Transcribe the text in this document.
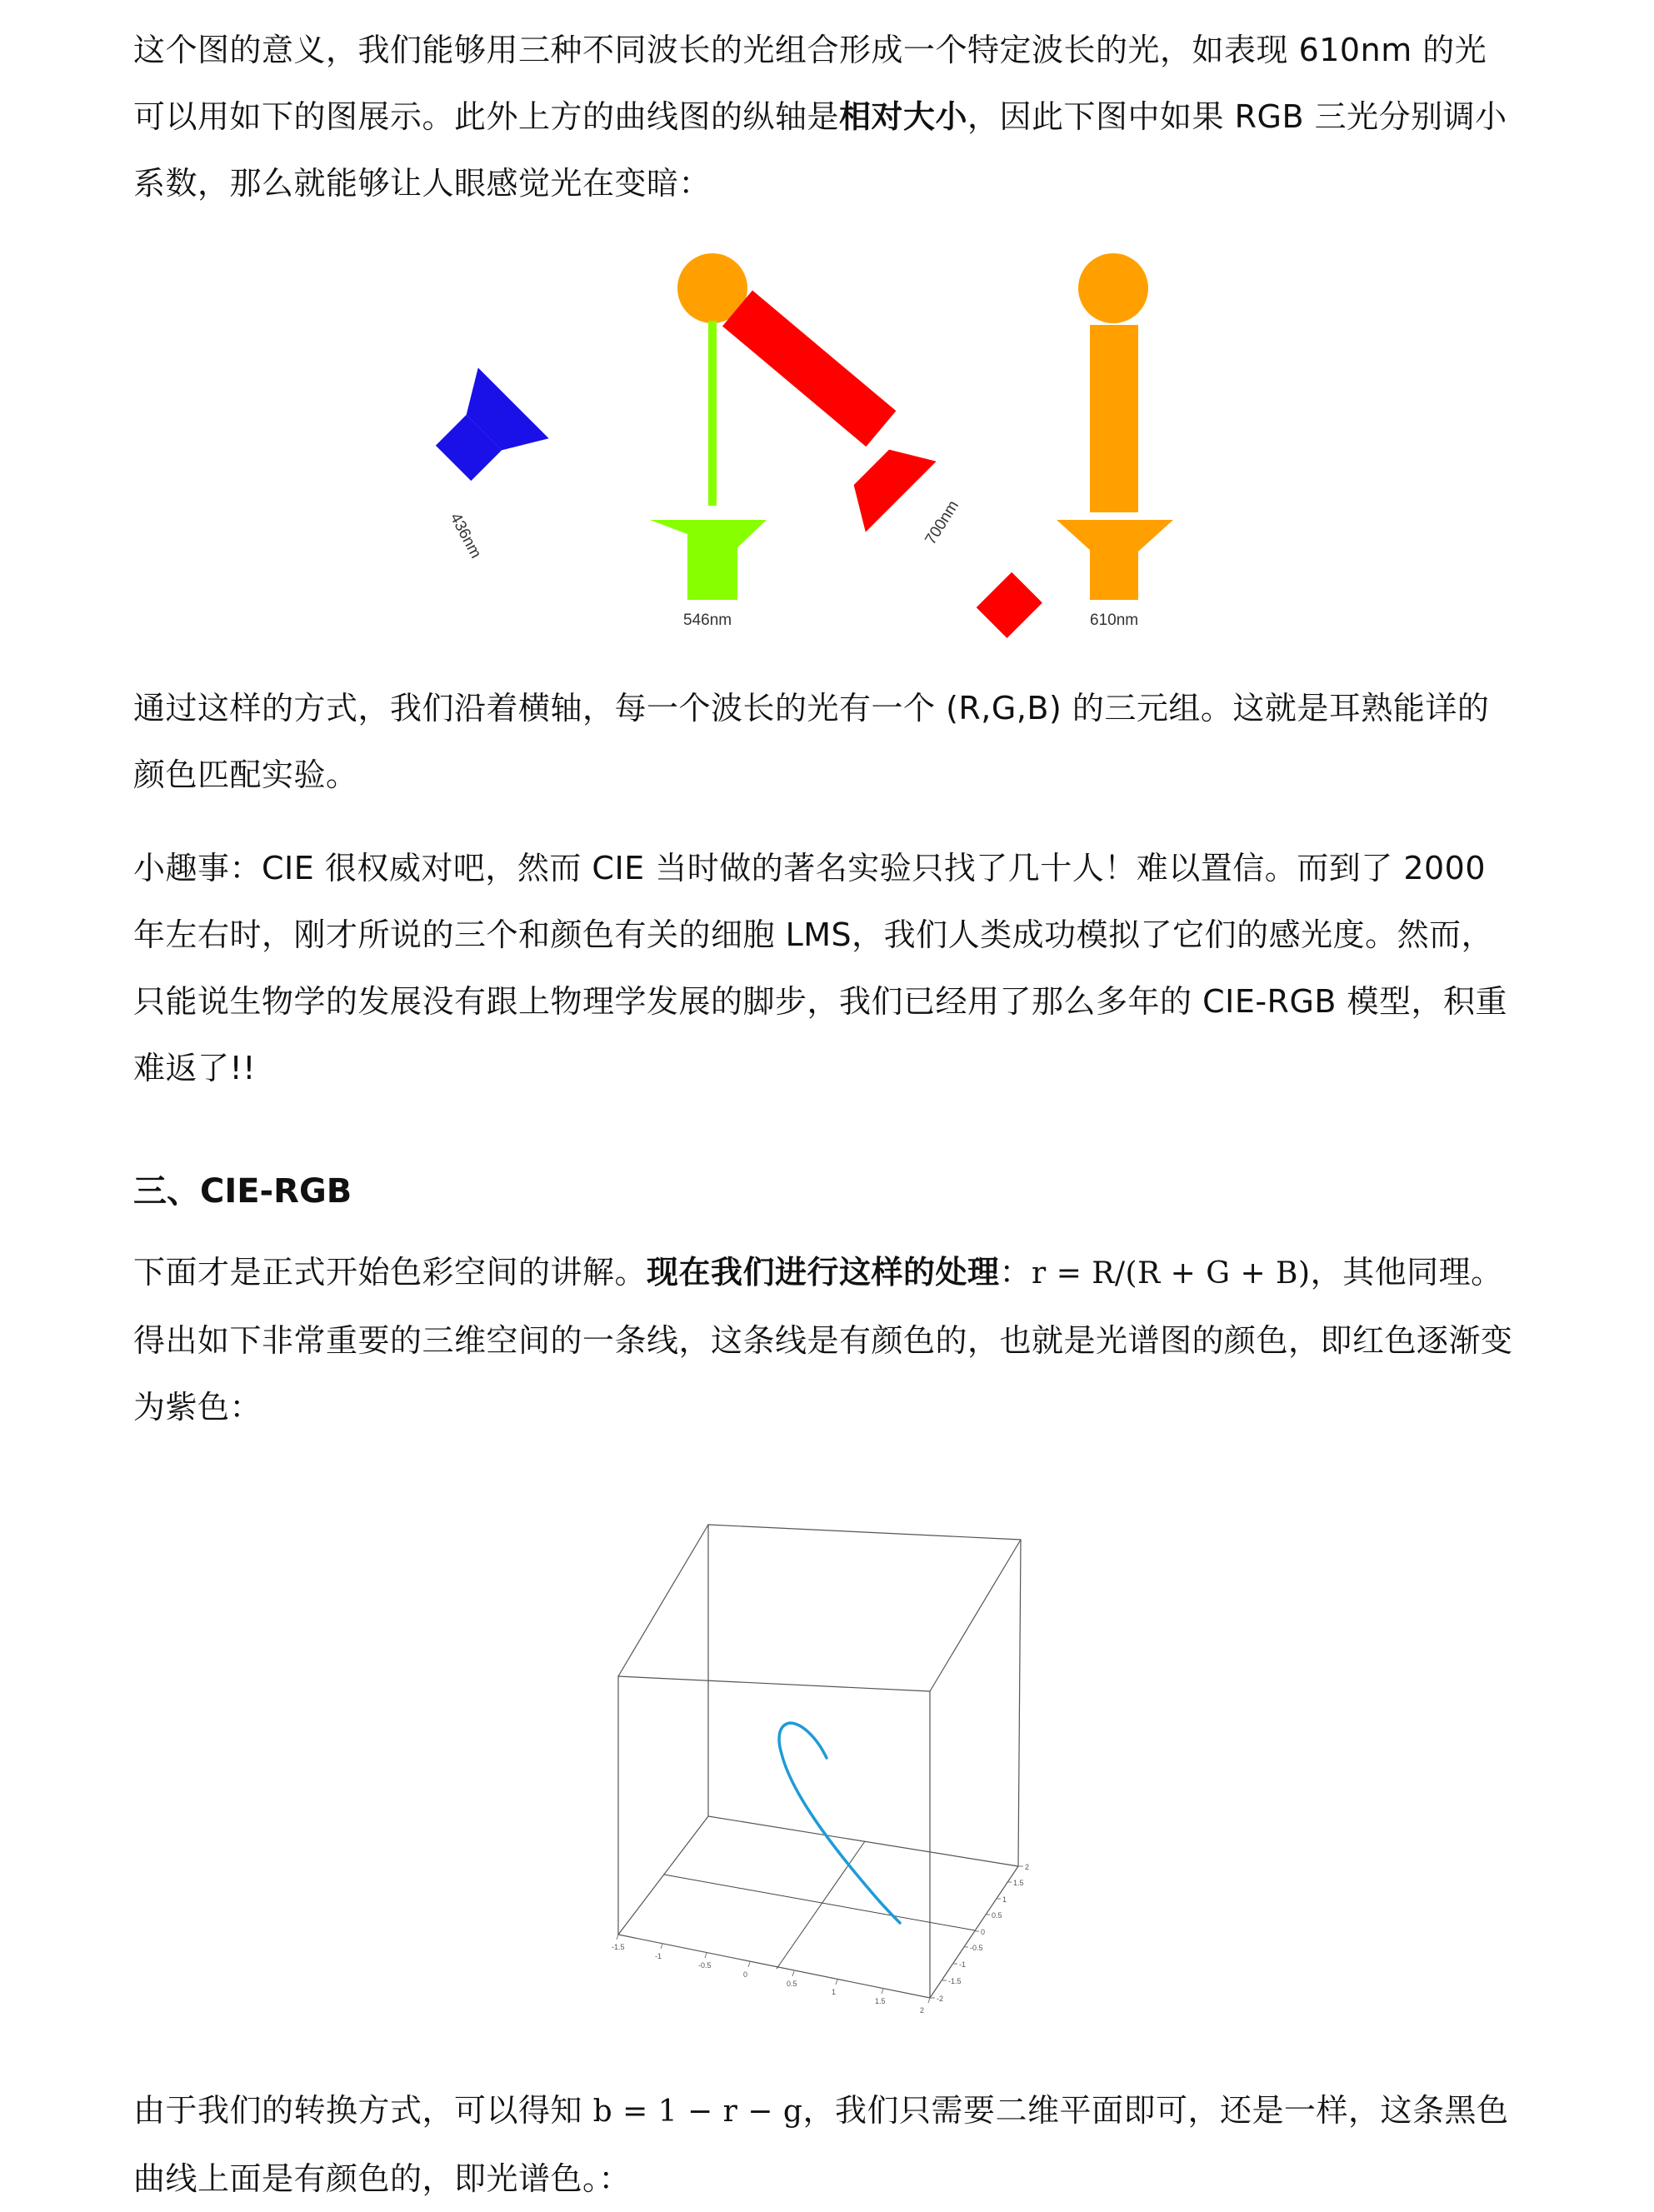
这个图的意义，我们能够用三种不同波长的光组合形成一个特定波长的光，如表现 610nm 的光可以用如下的图展示。此外上方的曲线图的纵轴是相对大小，因此下图中如果 RGB 三光分别调小系数，那么就能够让人眼感觉光在变暗：

436nm
546nm
700nm
610nm

通过这样的方式，我们沿着横轴，每一个波长的光有一个 (R,G,B) 的三元组。这就是耳熟能详的颜色匹配实验。

小趣事：CIE 很权威对吧，然而 CIE 当时做的著名实验只找了几十人！难以置信。而到了 2000 年左右时，刚才所说的三个和颜色有关的细胞 LMS，我们人类成功模拟了它们的感光度。然而，只能说生物学的发展没有跟上物理学发展的脚步，我们已经用了那么多年的 CIE-RGB 模型，积重难返了!!

三、CIE-RGB

下面才是正式开始色彩空间的讲解。现在我们进行这样的处理：r = R/(R + G + B)，其他同理。得出如下非常重要的三维空间的一条线，这条线是有颜色的，也就是光谱图的颜色，即红色逐渐变为紫色：

-1.5
-1
-0.5
0
0.5
1
1.5
2
-2
-1.5
-1
-0.5
0
0.5
1
1.5
2

由于我们的转换方式，可以得知 b = 1 − r − g，我们只需要二维平面即可，还是一样，这条黑色曲线上面是有颜色的，即光谱色。：
